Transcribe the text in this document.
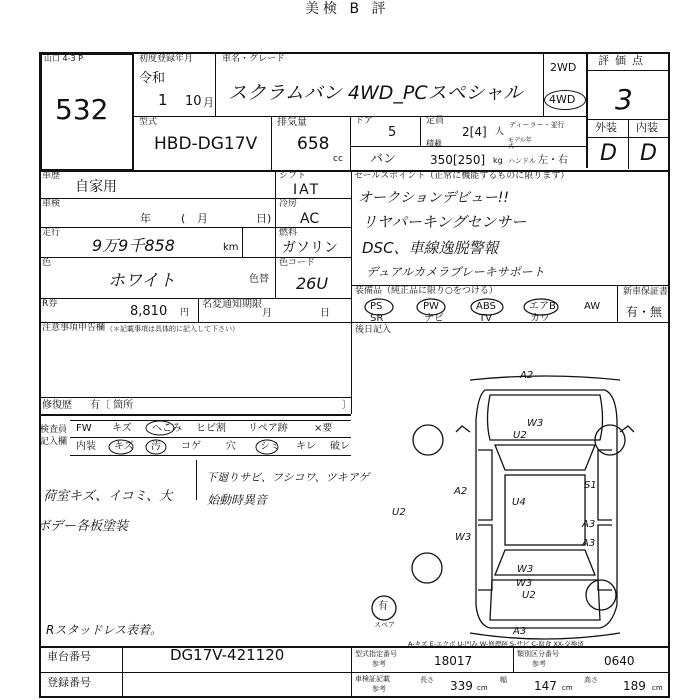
美検 B 評
山口 4-3 P
532
初度登録年月
令和
1 10 月
車名・グレード
スクラムバン 4WD_PCスペシャル
2WD
4WD
評価点
3
外装 内装
D D
型式
HBD-DG17V
排気量
658
cc
ドア
5
定員
2[4] 人
ディーラー・並行
バン
積載
350[250] kg
モデル年式
ハンドル 左・右
車歴
自家用
車検
年	( 月	日)
走行
9万9千858	km
色
ホワイト	色替
シフト
IAT
冷房
AC
燃料
ガソリン
色コード
26U
R券	8,810 円
名変通知期限
月	日
注意事項申告欄 （＊記載事項は具体的に記入して下さい）
修復歴 有〔 箇所	〕
セールスポイント（正常に機能するものに限ります）
オークションデビュー!!
リヤパーキングセンサー
DSC、車線逸脱警報
デュアルカメラブレーキサポート
装備品（純正品に限り○をつける）	新車保証書
有・無
PS	PW	ABS	エアB	AW
SR	ナビ	TV	カワ
後日記入
検査員記入欄
FW キズ へこみ ヒビ割 リペア跡	×要
内装 キズ 汚 コゲ	穴 シミ キレ 破レ
荷室キズ、イコミ、大
ボデー各板塗装
下廻りサビ、フシコワ、ツキアゲ
始動時異音
Rスタッドレス表着。
A2
W3
U2
A2
U4
S1
U2
W3
A3
A3
W3
W3
A3
U2
有
スペア
A-キズ E-エクボ U-凹み W-修理跡 S-サビ C-腐食 XX-交換済
車台番号	DG17V-421120
登録番号
型式指定番号
参考	18017	類別区分番号
参考	0640
車検証記載
参考
長さ 339 cm
幅 147 cm
高さ 189 cm
